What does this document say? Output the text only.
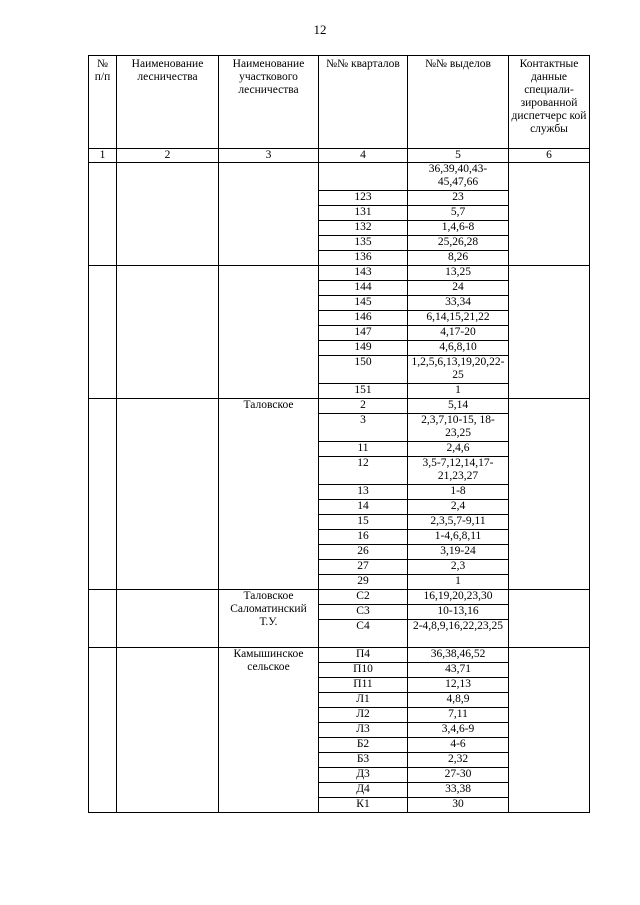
12
№ п/п	Наименование лесничества	Наименование участкового лесничества	№№ кварталов	№№ выделов	Контактные данные специали-зированной диспетчерс кой службы
1	2	3	4	5	6
				36,39,40,43-45,47,66	
			123	23	
			131	5,7	
			132	1,4,6-8	
			135	25,26,28	
			136	8,26	
			143	13,25	
			144	24	
			145	33,34	
			146	6,14,15,21,22	
			147	4,17-20	
			149	4,6,8,10	
			150	1,2,5,6,13,19,20,22-25	
			151	1	
		Таловское	2	5,14	
			3	2,3,7,10-15, 18-23,25	
			11	2,4,6	
			12	3,5-7,12,14,17-21,23,27	
			13	1-8	
			14	2,4	
			15	2,3,5,7-9,11	
			16	1-4,6,8,11	
			26	3,19-24	
			27	2,3	
			29	1	
		Таловское Саломатинский Т.У.	С2	16,19,20,23,30	
			С3	10-13,16	
			С4	2-4,8,9,16,22,23,25	
		Камышинское сельское	П4	36,38,46,52	
			П10	43,71	
			П11	12,13	
			Л1	4,8,9	
			Л2	7,11	
			Л3	3,4,6-9	
			Б2	4-6	
			Б3	2,32	
			Д3	27-30	
			Д4	33,38	
			К1	30	
